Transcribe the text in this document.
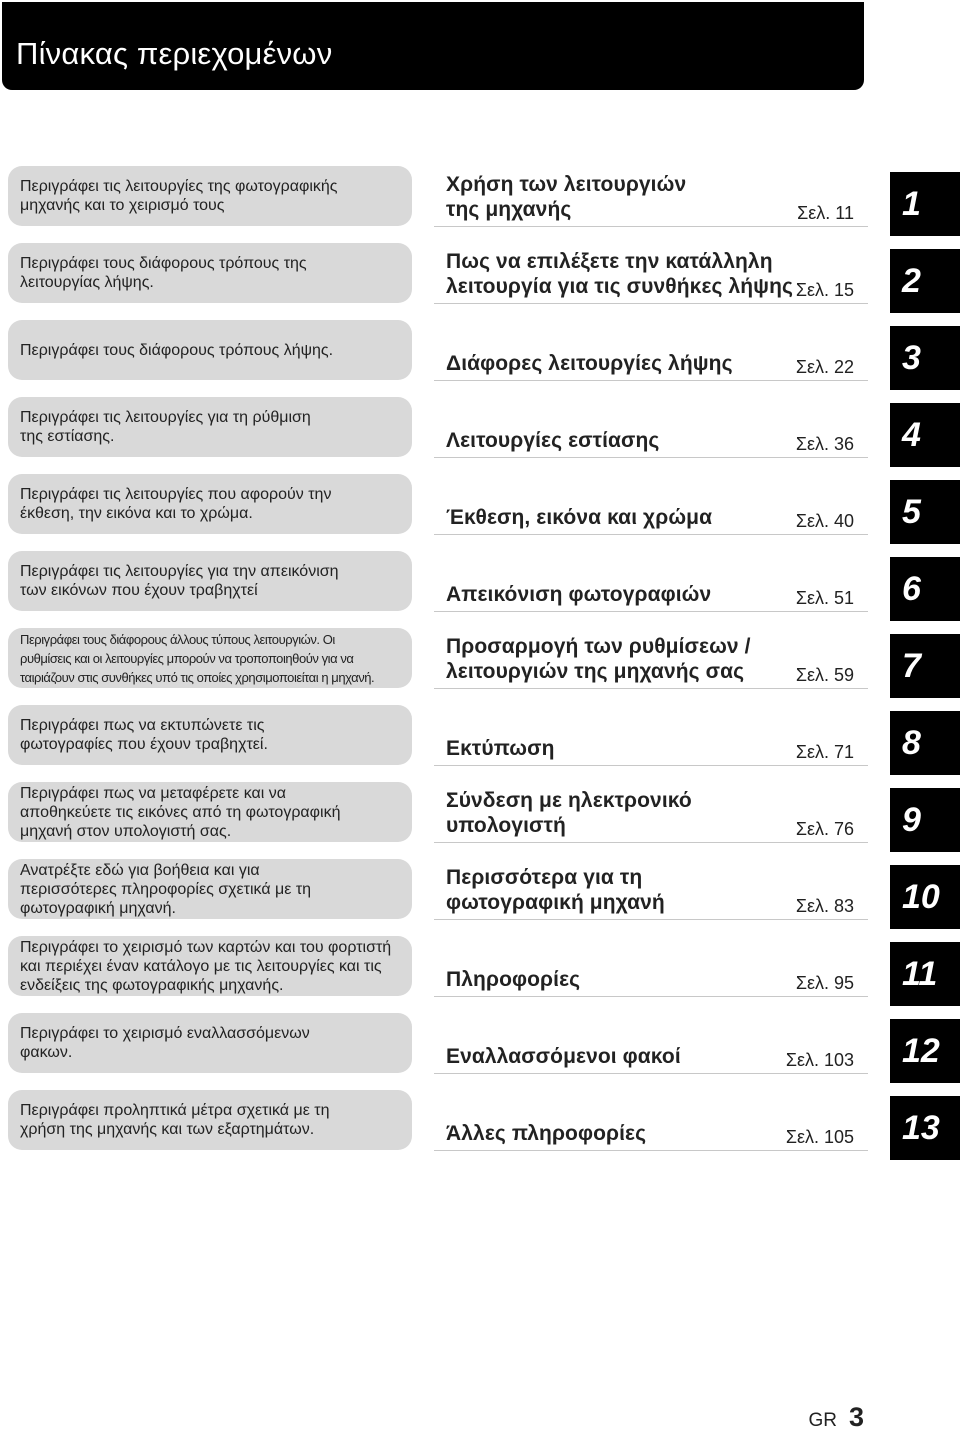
Πίνακας περιεχομένων
Περιγράφει τις λειτουργίες της φωτογραφικής
μηχανής και το χειρισμό τους
Χρήση των λειτουργιών
της μηχανής	Σελ. 11	1
Περιγράφει τους διάφορους τρόπους της
λειτουργίας λήψης.
Πως να επιλέξετε την κατάλληλη
λειτουργία για τις συνθήκες λήψης Σελ. 15	2
Περιγράφει τους διάφορους τρόπους λήψης.
Διάφορες λειτουργίες λήψης	Σελ. 22	3
Περιγράφει τις λειτουργίες για τη ρύθμιση
της εστίασης.	Λειτουργίες εστίασης	Σελ. 36	4
Περιγράφει τις λειτουργίες που αφορούν την
έκθεση, την εικόνα και το χρώμα.	Έκθεση, εικόνα και χρώμα	Σελ. 40	5
Περιγράφει τις λειτουργίες για την απεικόνιση
των εικόνων που έχουν τραβηχτεί	Απεικόνιση φωτογραφιών	Σελ. 51	6
Περιγράφει τους διάφορους άλλους τύπους λειτουργιών. Οι
ρυθμίσεις και οι λειτουργίες μπορούν να τροποποιηθούν για να
ταιριάζουν στις συνθήκες υπό τις οποίες χρησιμοποιείται η μηχανή.
Προσαρμογή των ρυθμίσεων /
λειτουργιών της μηχανής σας	Σελ. 59	7
Περιγράφει πως να εκτυπώνετε τις
φωτογραφίες που έχουν τραβηχτεί.	Εκτύπωση	Σελ. 71	8
Περιγράφει πως να μεταφέρετε και να
αποθηκεύετε τις εικόνες από τη φωτογραφική
μηχανή στον υπολογιστή σας.
Σύνδεση με ηλεκτρονικό
υπολογιστή	Σελ. 76	9
Ανατρέξτε εδώ για βοήθεια και για
περισσότερες πληροφορίες σχετικά με τη
φωτογραφική μηχανή.
Περισσότερα για τη
φωτογραφική μηχανή	Σελ. 83	10
Περιγράφει το χειρισμό των καρτών και του φορτιστή
και περιέχει έναν κατάλογο με τις λειτουργίες και τις
ενδείξεις της φωτογραφικής μηχανής.	Πληροφορίες	Σελ. 95	11
Περιγράφει το χειρισμό εναλλασσόμενων
φακων.	Εναλλασσόμενοι φακοί	Σελ. 103	12
Περιγράφει προληπτικά μέτρα σχετικά με τη
χρήση της μηχανής και των εξαρτημάτων.	Άλλες πληροφορίες	Σελ. 105	13
GR 3
